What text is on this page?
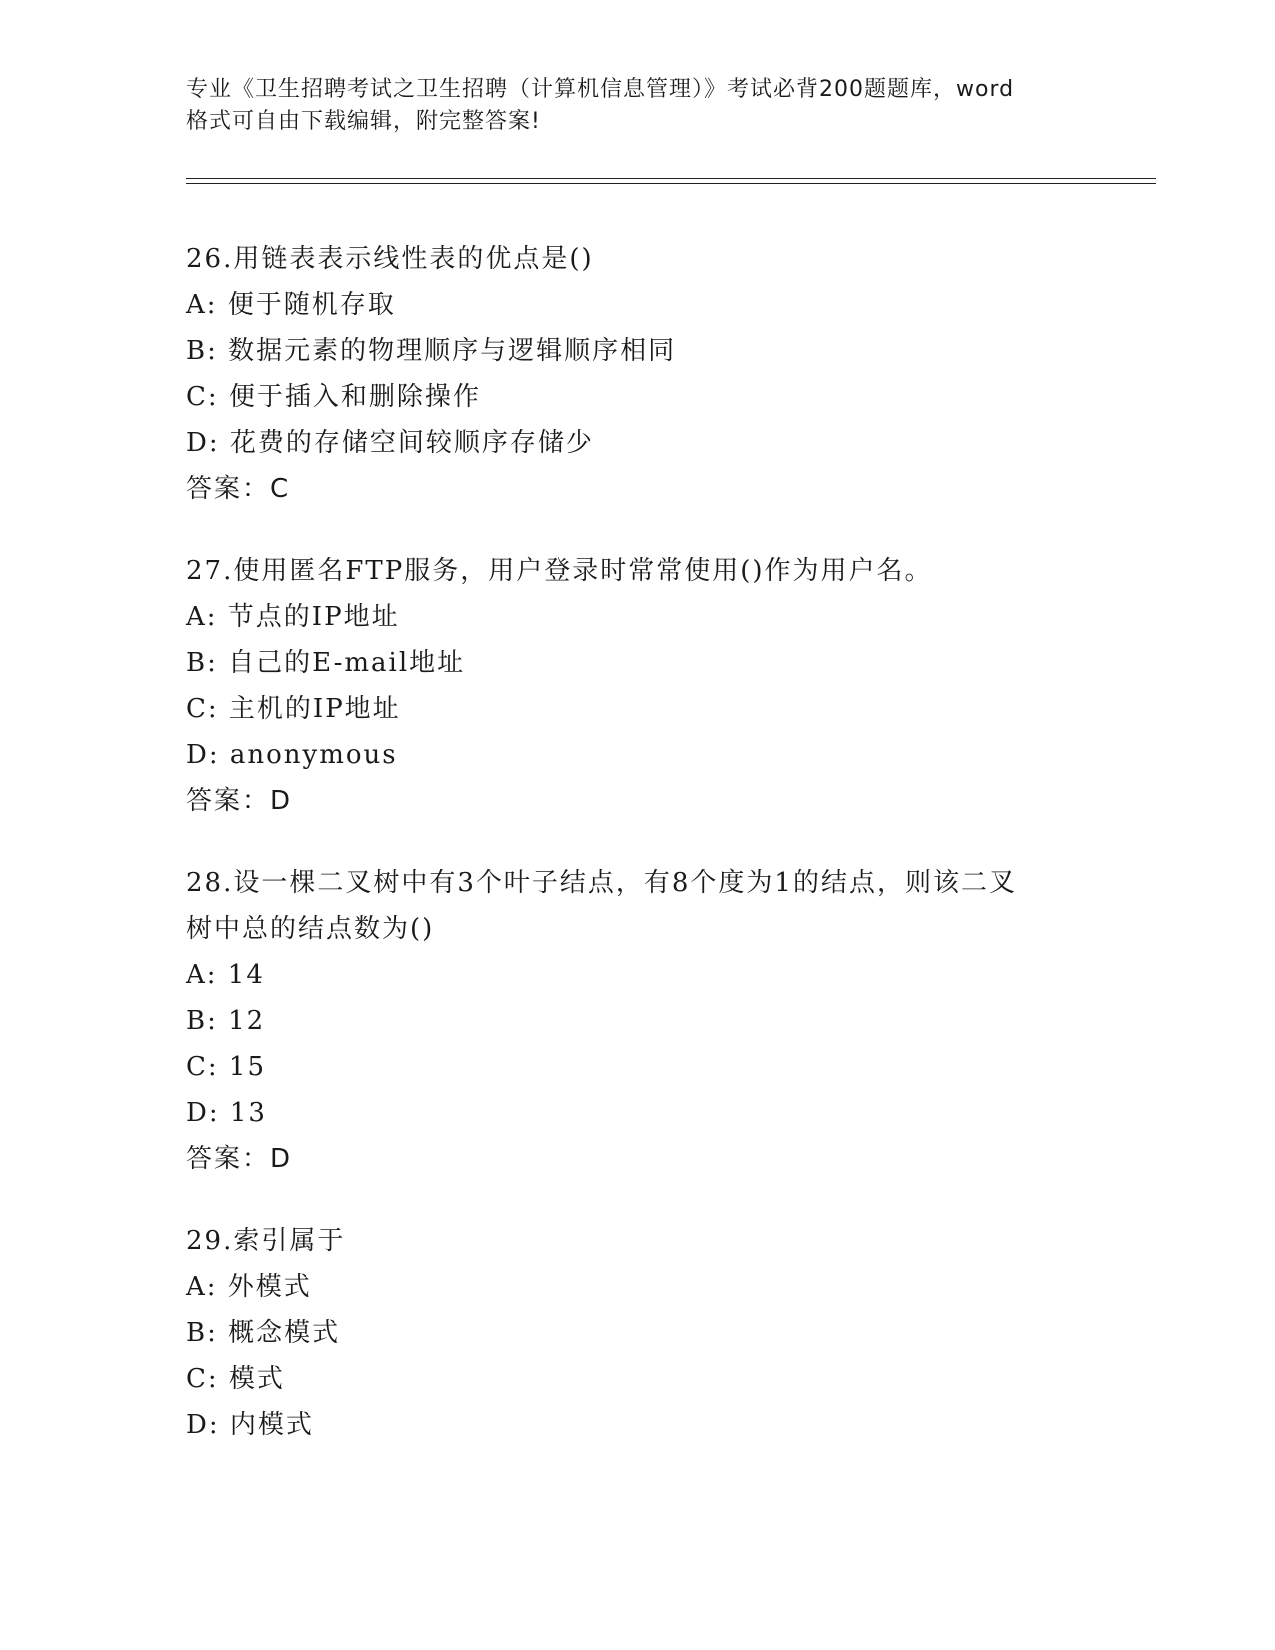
专业《卫生招聘考试之卫生招聘（计算机信息管理）》考试必背200题题库，word

格式可自由下载编辑，附完整答案!

26.用链表表示线性表的优点是()

A: 便于随机存取

B: 数据元素的物理顺序与逻辑顺序相同

C: 便于插入和删除操作

D: 花费的存储空间较顺序存储少

答案：C

27.使用匿名FTP服务，用户登录时常常使用()作为用户名。

A: 节点的IP地址

B: 自己的E-mail地址

C: 主机的IP地址

D: anonymous

答案：D

28.设一棵二叉树中有3个叶子结点，有8个度为1的结点，则该二叉

树中总的结点数为()

A: 14

B: 12

C: 15

D: 13

答案：D

29.索引属于

A: 外模式

B: 概念模式

C: 模式

D: 内模式
